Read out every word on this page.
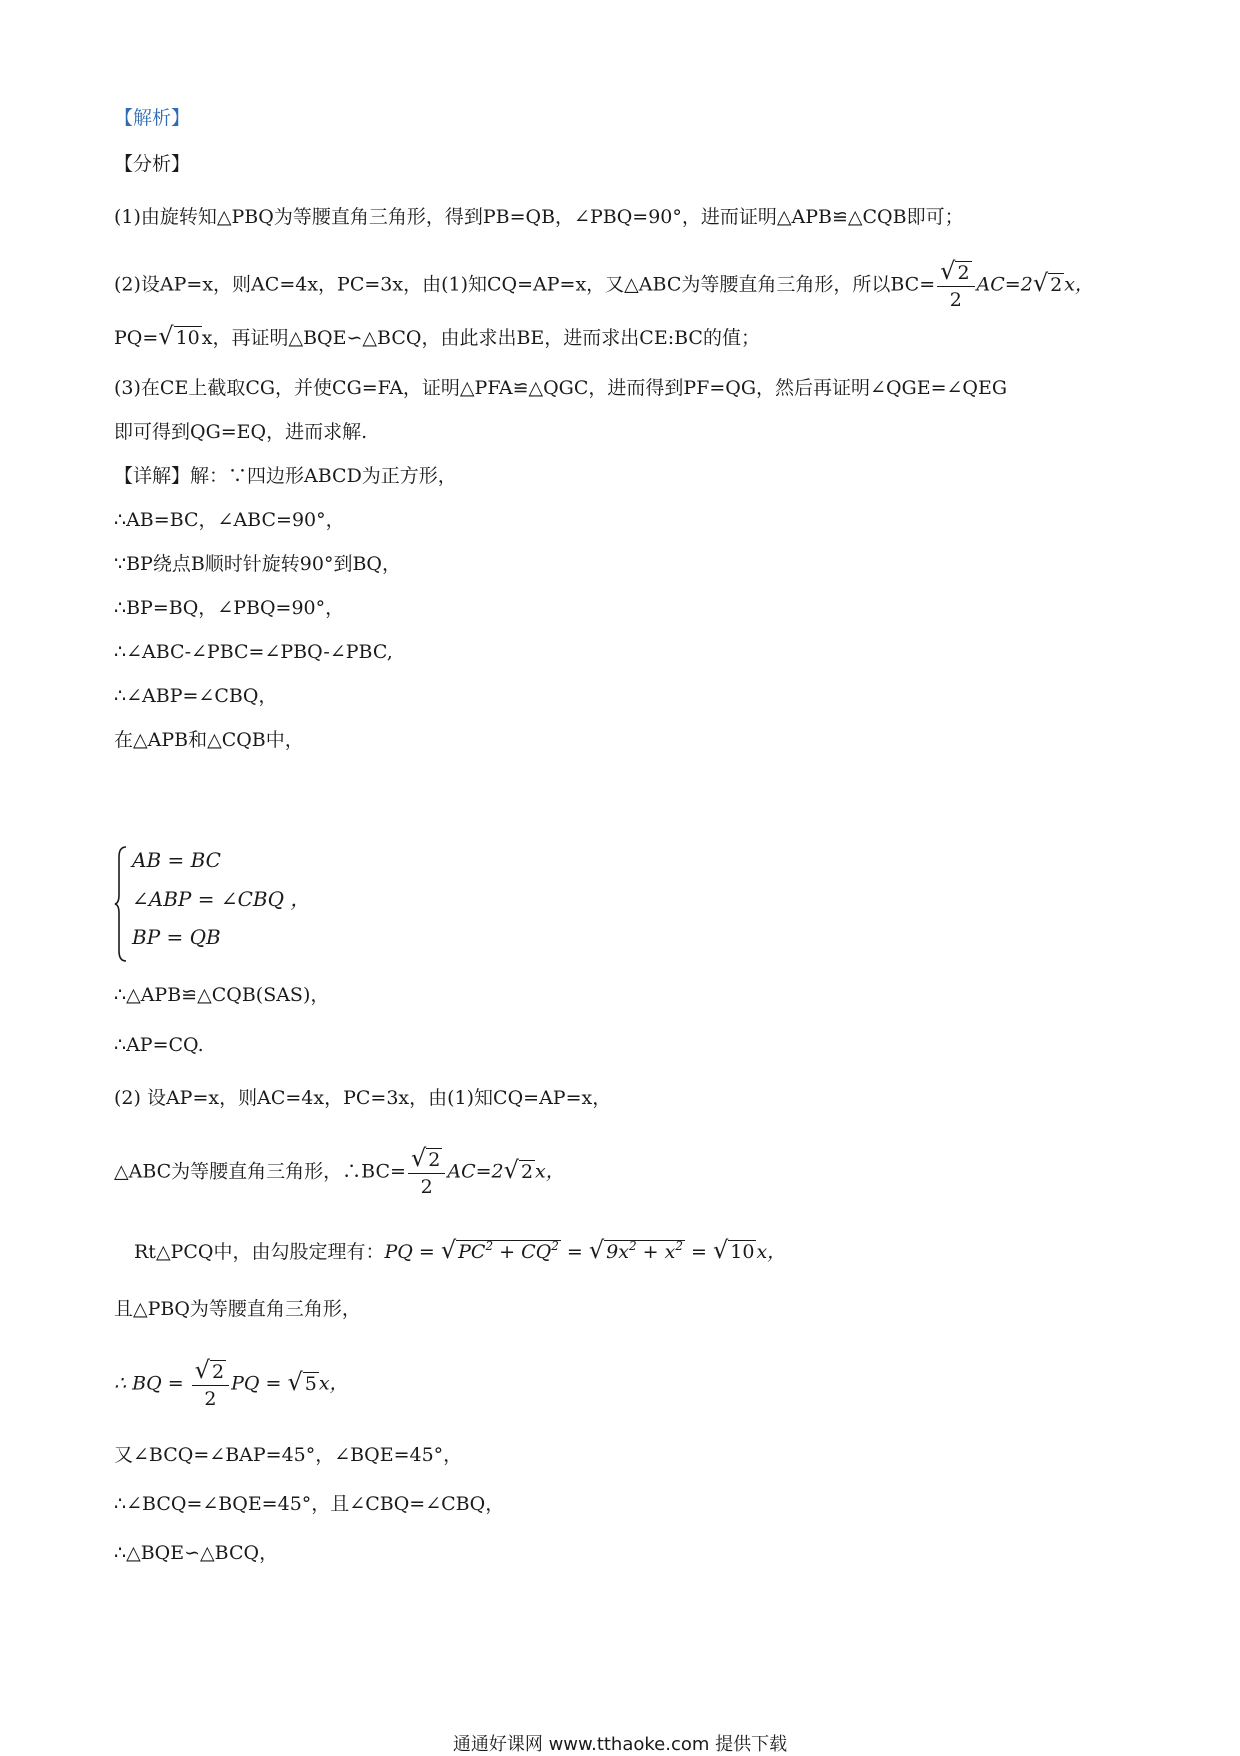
【解析】
【分析】
(1)由旋转知△PBQ为等腰直角三角形，得到PB=QB，∠PBQ=90°，进而证明△APB≌△CQB即可；
(2)设AP=x，则AC=4x，PC=3x，由(1)知CQ=AP=x，又△ABC为等腰直角三角形，所以$BC= \frac{√ 2}{2} AC=2√$ 2 x，
PQ=√ 10 x，再证明△BQE∽△BCQ，由此求出BE，进而求出CE:BC的值；
(3)在CE上截取CG，并使CG=FA，证明△PFA≌△QGC，进而得到PF=QG，然后再证明∠QGE=∠QEG
即可得到QG=EQ，进而求解.
【详解】解：∵四边形ABCD为正方形，
∴AB=BC，∠ABC=90°，
∵BP绕点B顺时针旋转90°到BQ，
∴BP=BQ，∠PBQ=90°，
∴∠ABC-∠PBC=∠PBQ-∠PBC,
∴∠ABP=∠CBQ，
在△APB和△CQB中，
AB = BC
∠ABP = ∠CBQ ，
BP = QB
∴△APB≌△CQB(SAS)，
∴AP=CQ.
(2) 设AP=x，则AC=4x，PC=3x，由(1)知CQ=AP=x，
△ABC为等腰直角三角形，∴BC= $\frac{√ 2}{2} AC=2√$ 2 x，
Rt△PCQ中，由勾股定理有：PQ = √ $PC^2 + CQ^2$ = √ $9x^2 + x^2$ = √ 10 x，
且△PBQ为等腰直角三角形，
∴ BQ = $\frac{√ 2}{2}$ PQ = √ 5 x，
又∠BCQ=∠BAP=45°，∠BQE=45°，
∴∠BCQ=∠BQE=45°，且∠CBQ=∠CBQ，
∴△BQE∽△BCQ，
通通好课网 www.tthaoke.com 提供下载
